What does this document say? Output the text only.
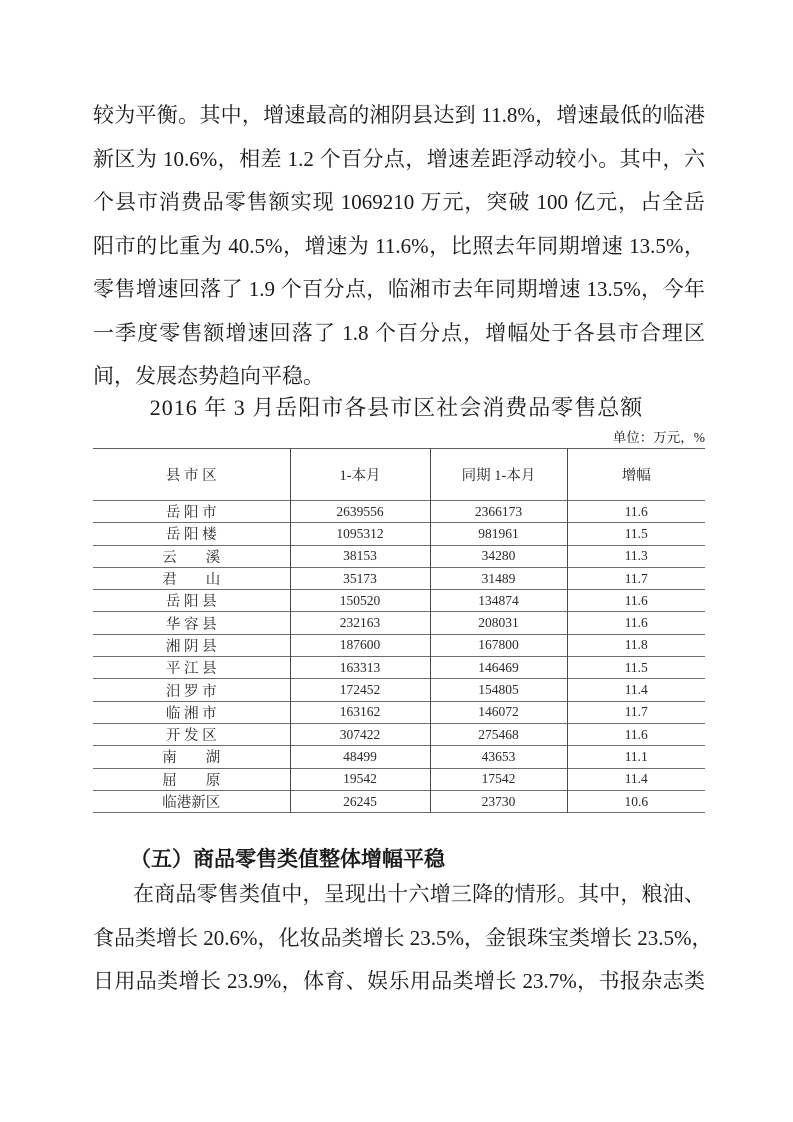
较为平衡。其中，增速最高的湘阴县达到 11.8%，增速最低的临港
新区为 10.6%，相差 1.2 个百分点，增速差距浮动较小。其中，六
个县市消费品零售额实现 1069210 万元，突破 100 亿元，占全岳
阳市的比重为 40.5%，增速为 11.6%，比照去年同期增速 13.5%，
零售增速回落了 1.9 个百分点，临湘市去年同期增速 13.5%，今年
一季度零售额增速回落了 1.8 个百分点，增幅处于各县市合理区
间，发展态势趋向平稳。
2016 年 3 月岳阳市各县市区社会消费品零售总额
单位：万元，%
县 市 区	1-本月	同期 1-本月	增幅
岳 阳 市	2639556	2366173	11.6
岳 阳 楼	1095312	981961	11.5
云　　溪	38153	34280	11.3
君　　山	35173	31489	11.7
岳 阳 县	150520	134874	11.6
华 容 县	232163	208031	11.6
湘 阴 县	187600	167800	11.8
平 江 县	163313	146469	11.5
汨 罗 市	172452	154805	11.4
临 湘 市	163162	146072	11.7
开 发 区	307422	275468	11.6
南　　湖	48499	43653	11.1
屈　　原	19542	17542	11.4
临港新区	26245	23730	10.6
（五）商品零售类值整体增幅平稳
在商品零售类值中，呈现出十六增三降的情形。其中，粮油、
食品类增长 20.6%，化妆品类增长 23.5%，金银珠宝类增长 23.5%，
日用品类增长 23.9%，体育、娱乐用品类增长 23.7%，书报杂志类
